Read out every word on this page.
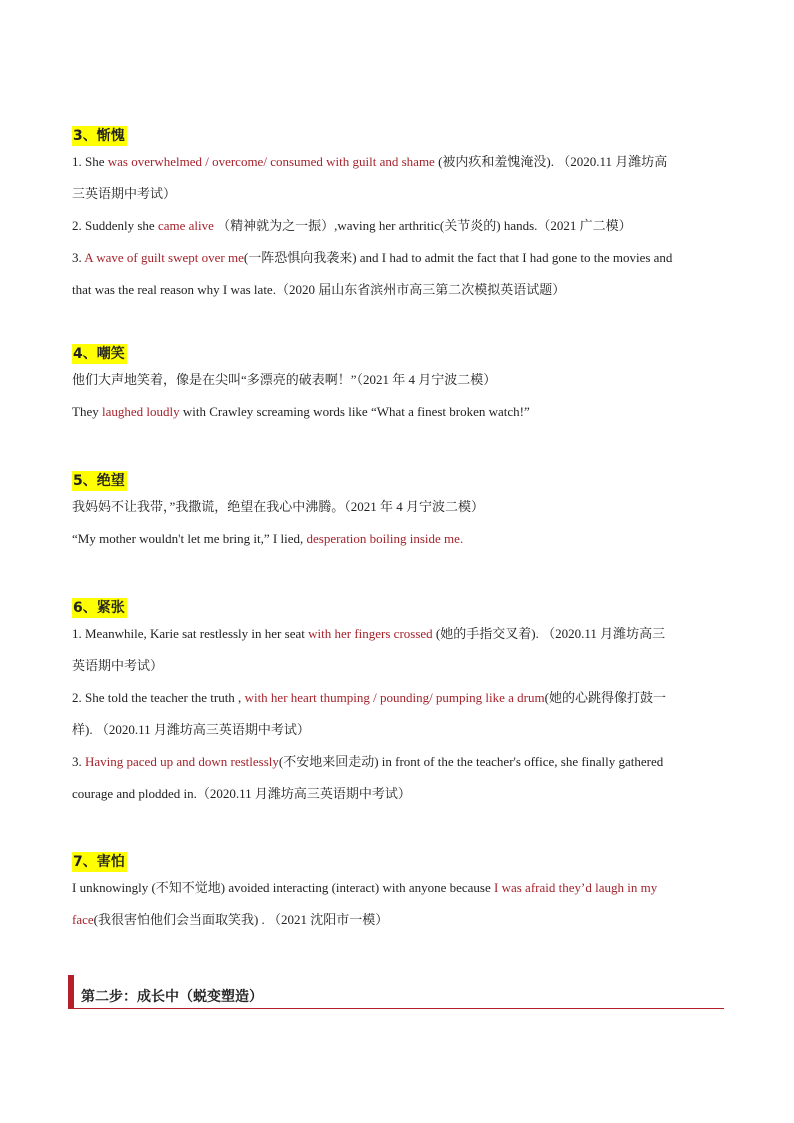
3、惭愧

1. She was overwhelmed / overcome/ consumed with guilt and shame (被内疚和羞愧淹没). （2020.11 月潍坊高

三英语期中考试）

2. Suddenly she came alive （精神就为之一振）,waving her arthritic(关节炎的) hands.（2021 广二模）

3. A wave of guilt swept over me(一阵恐惧向我袭来) and I had to admit the fact that I had gone to the movies and

that was the real reason why I was late.（2020 届山东省滨州市高三第二次模拟英语试题）

4、嘲笑

他们大声地笑着，像是在尖叫“多漂亮的破表啊！”（2021 年 4 月宁波二模）

They laughed loudly with Crawley screaming words like “What a finest broken watch!”

5、绝望

我妈妈不让我带，”我撒谎，绝望在我心中沸腾。（2021 年 4 月宁波二模）

“My mother wouldn't let me bring it,” I lied, desperation boiling inside me.

6、紧张

1. Meanwhile, Karie sat restlessly in her seat with her fingers crossed (她的手指交叉着). （2020.11 月潍坊高三

英语期中考试）

2. She told the teacher the truth , with her heart thumping / pounding/ pumping like a drum(她的心跳得像打鼓一

样). （2020.11 月潍坊高三英语期中考试）

3. Having paced up and down restlessly(不安地来回走动) in front of the the teacher's office, she finally gathered

courage and plodded in.（2020.11 月潍坊高三英语期中考试）

7、害怕

I unknowingly (不知不觉地) avoided interacting (interact) with anyone because I was afraid they’d laugh in my

face(我很害怕他们会当面取笑我) . （2021 沈阳市一模）

第二步：成长中（蜕变塑造）
